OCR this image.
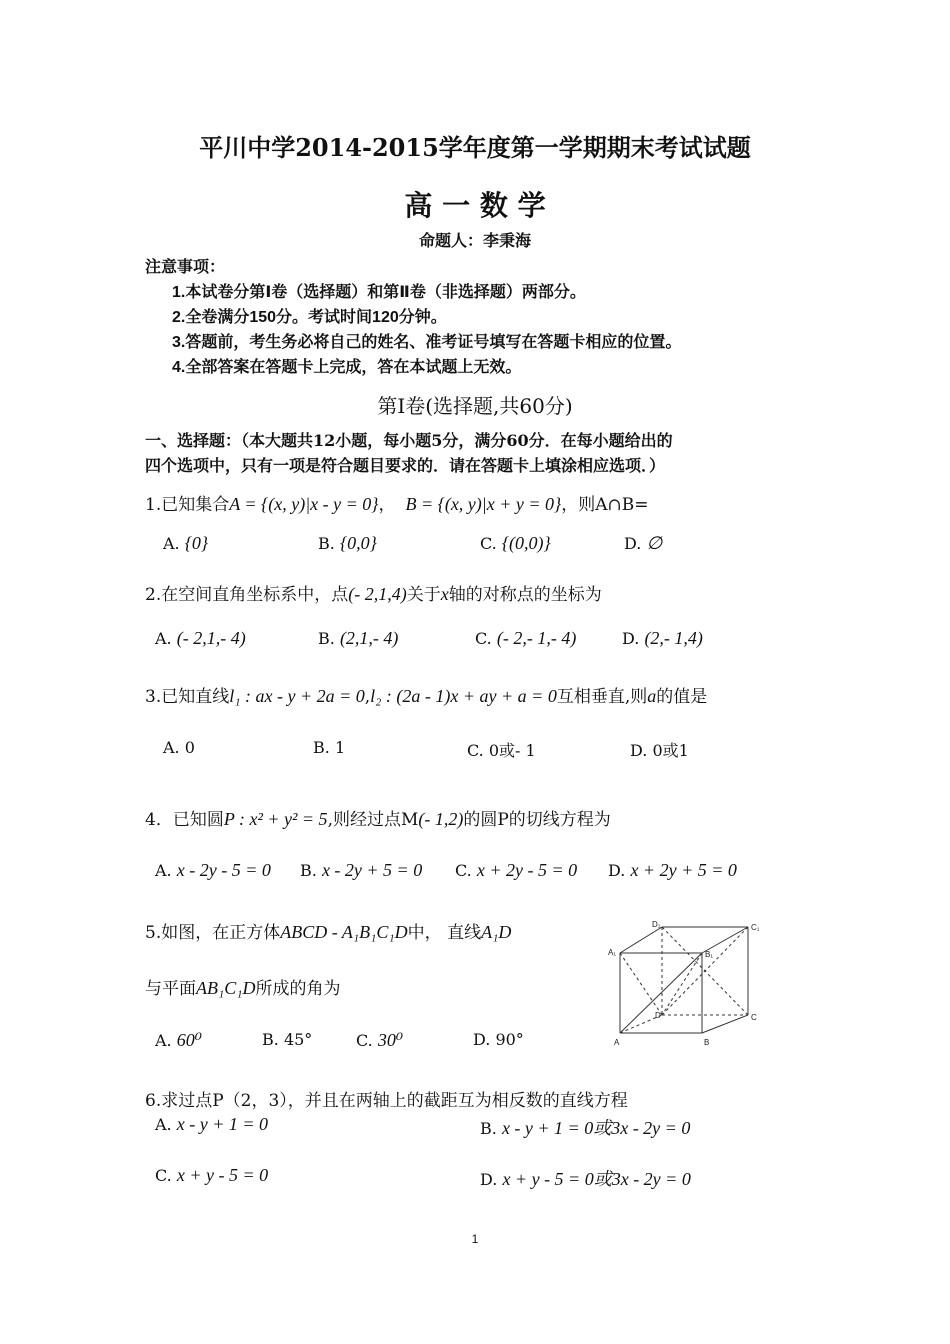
平川中学2014-2015学年度第一学期期末考试试题
高 一 数 学
命题人：李秉海
注意事项：
1.本试卷分第Ⅰ卷（选择题）和第Ⅱ卷（非选择题）两部分。
2.全卷满分150分。考试时间120分钟。
3.答题前，考生务必将自己的姓名、准考证号填写在答题卡相应的位置。
4.全部答案在答题卡上完成，答在本试题上无效。
第Ⅰ卷(选择题,共60分)
一、选择题：（本大题共12小题，每小题5分，满分60分．在每小题给出的
四个选项中，只有一项是符合题目要求的．请在答题卡上填涂相应选项．）
1.已知集合A = {(x, y)|x - y = 0}， B = {(x, y)|x + y = 0}，则A∩B=
A. {0}	B. {0,0}	C. {(0,0)}	D. ∅
2.在空间直角坐标系中，点(- 2,1,4)关于x轴的对称点的坐标为
A. (- 2,1,- 4)	B. (2,1,- 4)	C. (- 2,- 1,- 4)	D. (2,- 1,4)
3.已知直线l₁ : ax - y + 2a = 0,l₂ : (2a - 1)x + ay + a = 0互相垂直,则a的值是
A. 0	B. 1	C. 0或- 1	D. 0或1
4．已知圆P : x² + y² = 5,则经过点M(- 1,2)的圆P的切线方程为
A. x - 2y - 5 = 0 B. x - 2y + 5 = 0 C. x + 2y - 5 = 0 D. x + 2y + 5 = 0
5.如图，在正方体ABCD - A₁B₁C₁D中， 直线A₁D
与平面AB₁C₁D所成的角为
A. 60⁰	B. 45°	C. 30⁰	D. 90°
D₁	C₁
A₁	B₁
D	C
A	B
6.求过点P（2，3），并且在两轴上的截距互为相反数的直线方程
A. x - y + 1 = 0	B. x - y + 1 = 0或3x - 2y = 0
C. x + y - 5 = 0	D. x + y - 5 = 0或3x - 2y = 0
1
